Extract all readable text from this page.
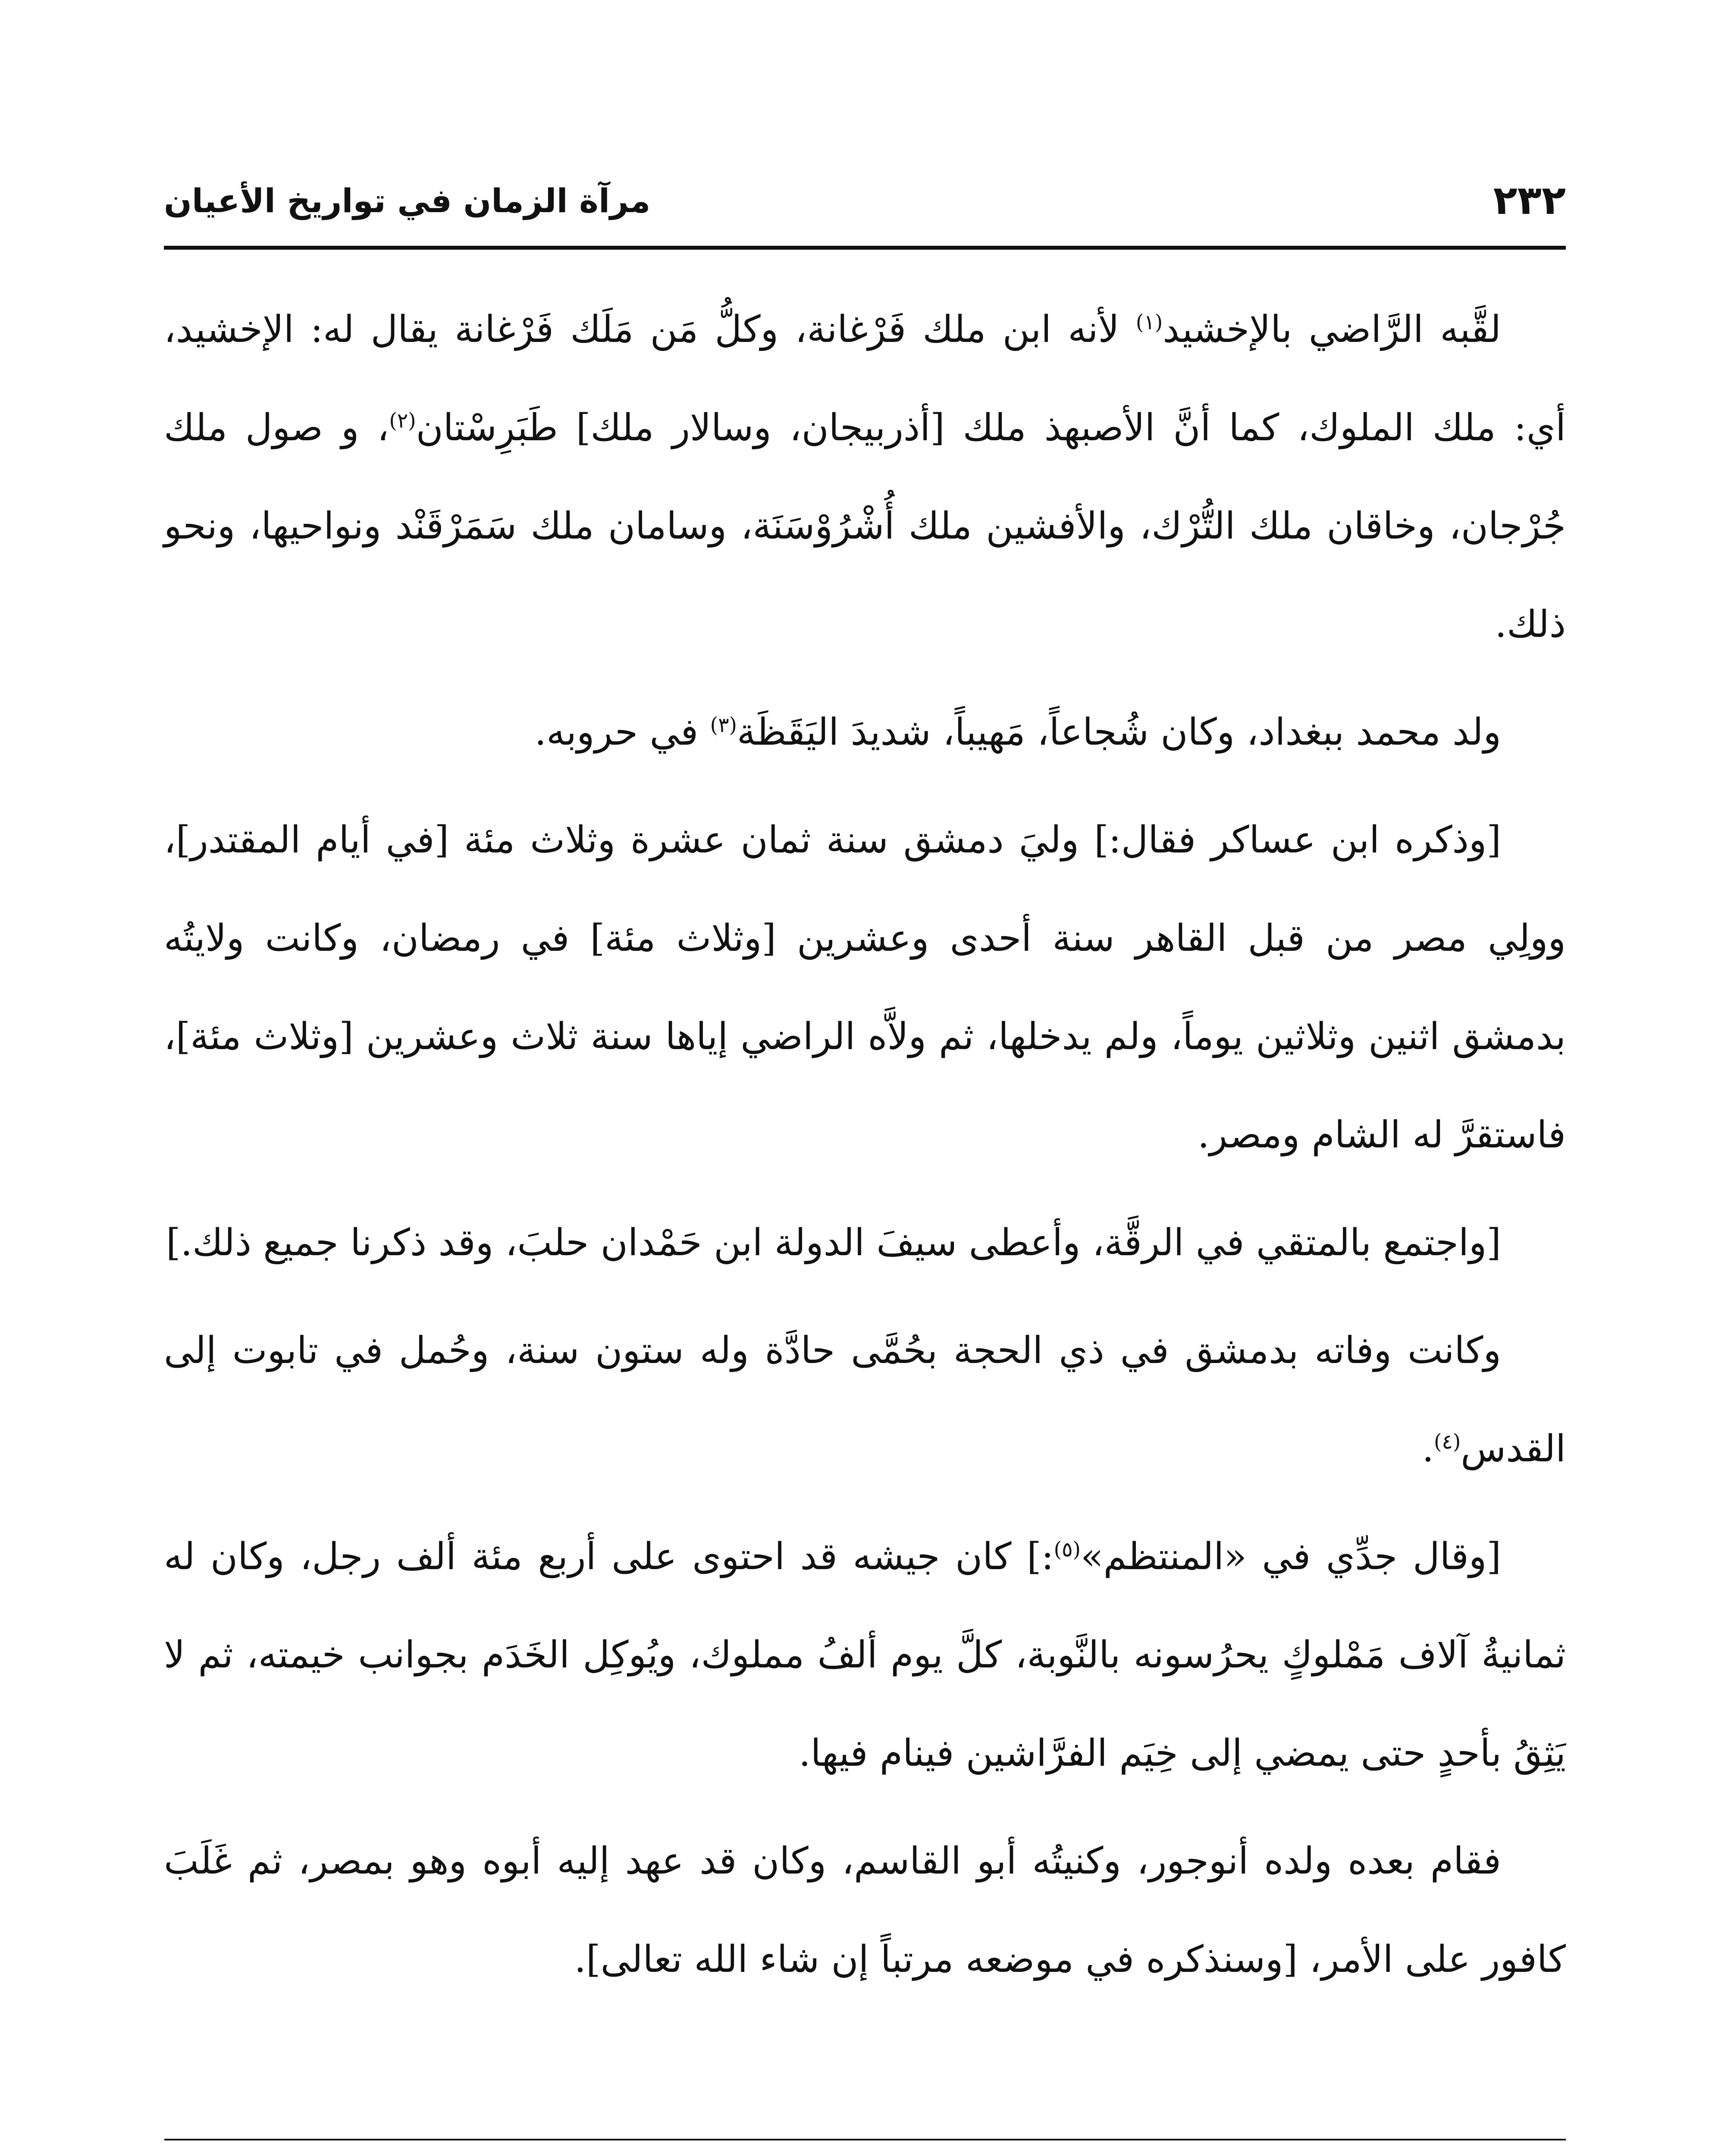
٢٣٢
مرآة الزمان في تواريخ الأعيان

لقَّبه الرَّاضي بالإخشيد$^{(١)}$ لأنه ابن ملك فَرْغانة، وكلُّ مَن مَلَك فَرْغانة يقال له: الإخشيد، أي: ملك الملوك، كما أنَّ الأصبهذ ملك [أذربيجان، وسالار ملك] طَبَرِسْتان$^{(٢)}$، و صول ملك جُرْجان، وخاقان ملك التُّرْك، والأفشين ملك أُشْرُوْسَنَة، وسامان ملك سَمَرْقَنْد ونواحيها، ونحو ذلك.

ولد محمد ببغداد، وكان شُجاعاً، مَهيباً، شديدَ اليَقَظَة$^{(٣)}$ في حروبه.

[وذكره ابن عساكر فقال:] وليَ دمشق سنة ثمان عشرة وثلاث مئة [في أيام المقتدر]، وولِي مصر من قبل القاهر سنة أحدى وعشرين [وثلاث مئة] في رمضان، وكانت ولايتُه بدمشق اثنين وثلاثين يوماً، ولم يدخلها، ثم ولاَّه الراضي إياها سنة ثلاث وعشرين [وثلاث مئة]، فاستقرَّ له الشام ومصر.

[واجتمع بالمتقي في الرقَّة، وأعطى سيفَ الدولة ابن حَمْدان حلبَ، وقد ذكرنا جميع ذلك.]

وكانت وفاته بدمشق في ذي الحجة بحُمَّى حادَّة وله ستون سنة، وحُمل في تابوت إلى القدس$^{(٤)}$.

[وقال جدِّي في «المنتظم»$^{(٥)}$:] كان جيشه قد احتوى على أربع مئة ألف رجل، وكان له ثمانيةُ آلاف مَمْلوكٍ يحرُسونه بالنَّوبة، كلَّ يوم ألفُ مملوك، ويُوكِل الخَدَم بجوانب خيمته، ثم لا يَثِقُ بأحدٍ حتى يمضي إلى خِيَم الفرَّاشين فينام فيها.

فقام بعده ولده أنوجور، وكنيتُه أبو القاسم، وكان قد عهد إليه أبوه وهو بمصر، ثم غَلَبَ كافور على الأمر، [وسنذكره في موضعه مرتباً إن شاء الله تعالى].
